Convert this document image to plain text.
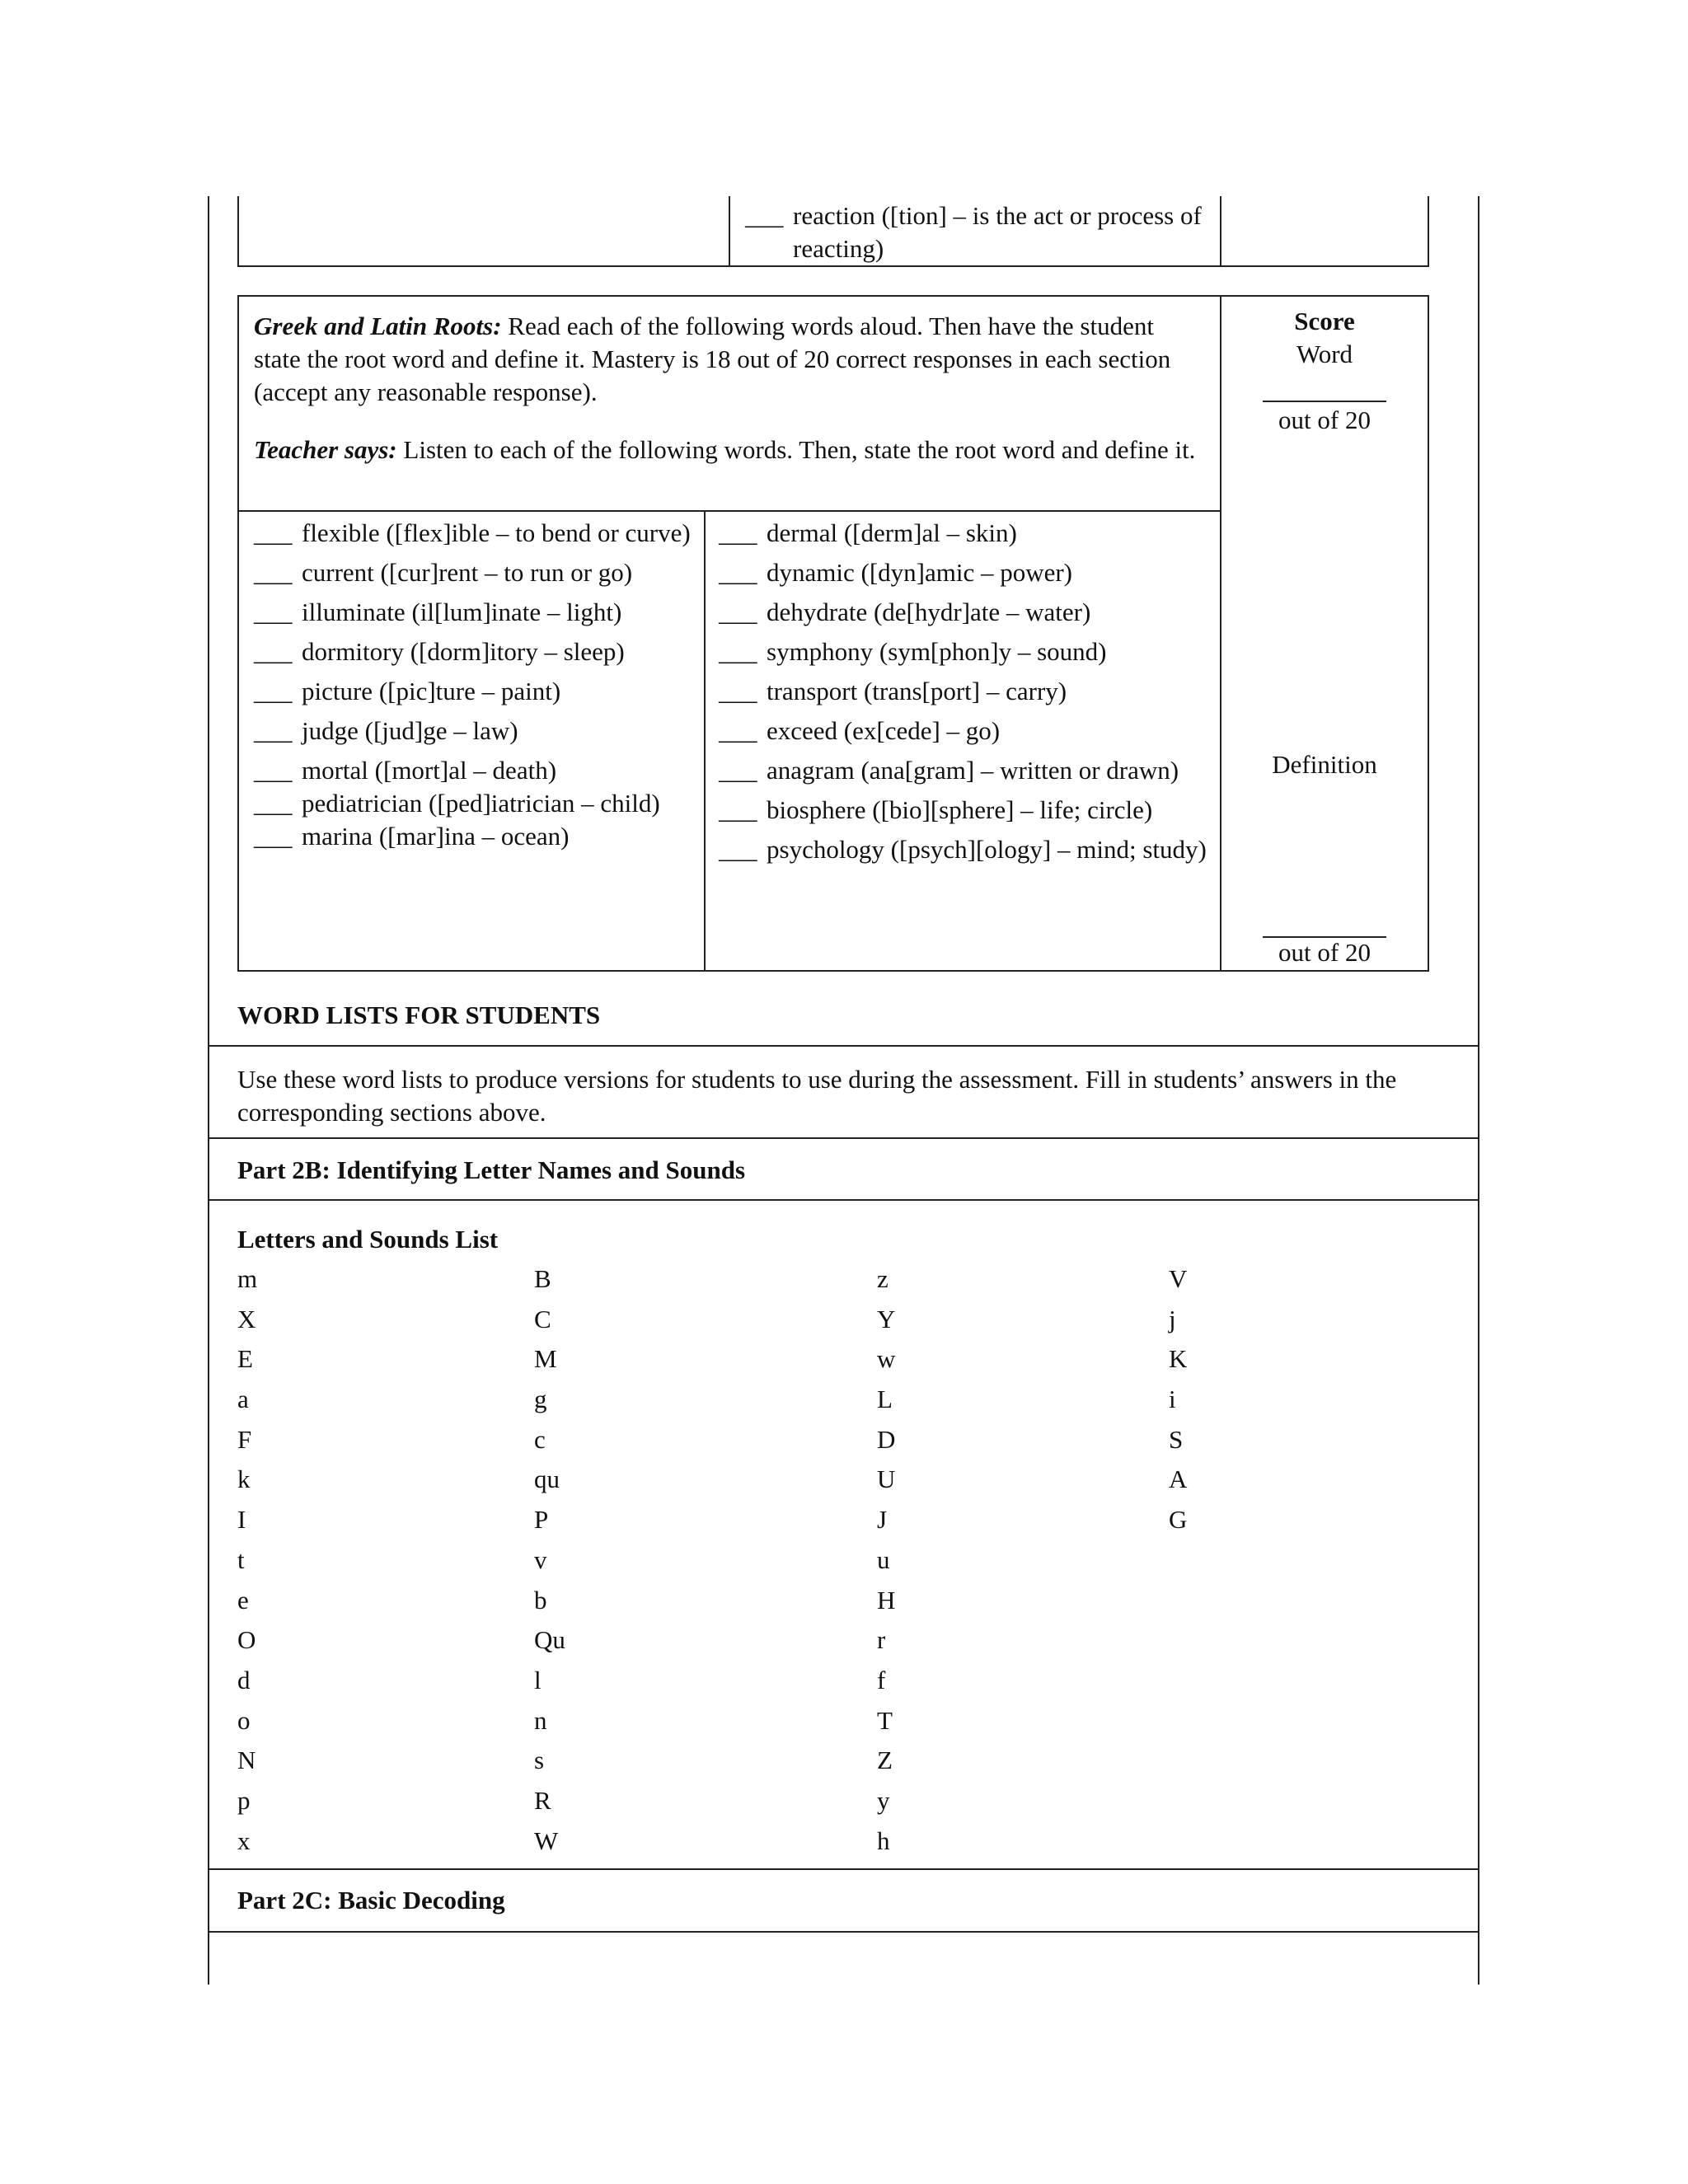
___ reaction ([tion] – is the act or process of reacting)

Greek and Latin Roots: Read each of the following words aloud. Then have the student state the root word and define it. Mastery is 18 out of 20 correct responses in each section (accept any reasonable response).

Teacher says: Listen to each of the following words. Then, state the root word and define it.

___ flexible ([flex]ible – to bend or curve)
___ current ([cur]rent – to run or go)
___ illuminate (il[lum]inate – light)
___ dormitory ([dorm]itory – sleep)
___ picture ([pic]ture – paint)
___ judge ([jud]ge – law)
___ mortal ([mort]al – death)
___ pediatrician ([ped]iatrician – child)
___ marina ([mar]ina – ocean)
___ dermal ([derm]al – skin)
___ dynamic ([dyn]amic – power)
___ dehydrate (de[hydr]ate – water)
___ symphony (sym[phon]y – sound)
___ transport (trans[port] – carry)
___ exceed (ex[cede] – go)
___ anagram (ana[gram] – written or drawn)
___ biosphere ([bio][sphere] – life; circle)
___ psychology ([psych][ology] – mind; study)
Score
Word
out of 20
Definition
out of 20
WORD LISTS FOR STUDENTS
Use these word lists to produce versions for students to use during the assessment. Fill in students’ answers in the corresponding sections above.
Part 2B: Identifying Letter Names and Sounds
Letters and Sounds List
m
X
E
a
F
k
I
t
e
O
d
o
N
p
x
B
C
M
g
c
qu
P
v
b
Qu
l
n
s
R
W
z
Y
w
L
D
U
J
u
H
r
f
T
Z
y
h
V
j
K
i
S
A
G
Part 2C: Basic Decoding
